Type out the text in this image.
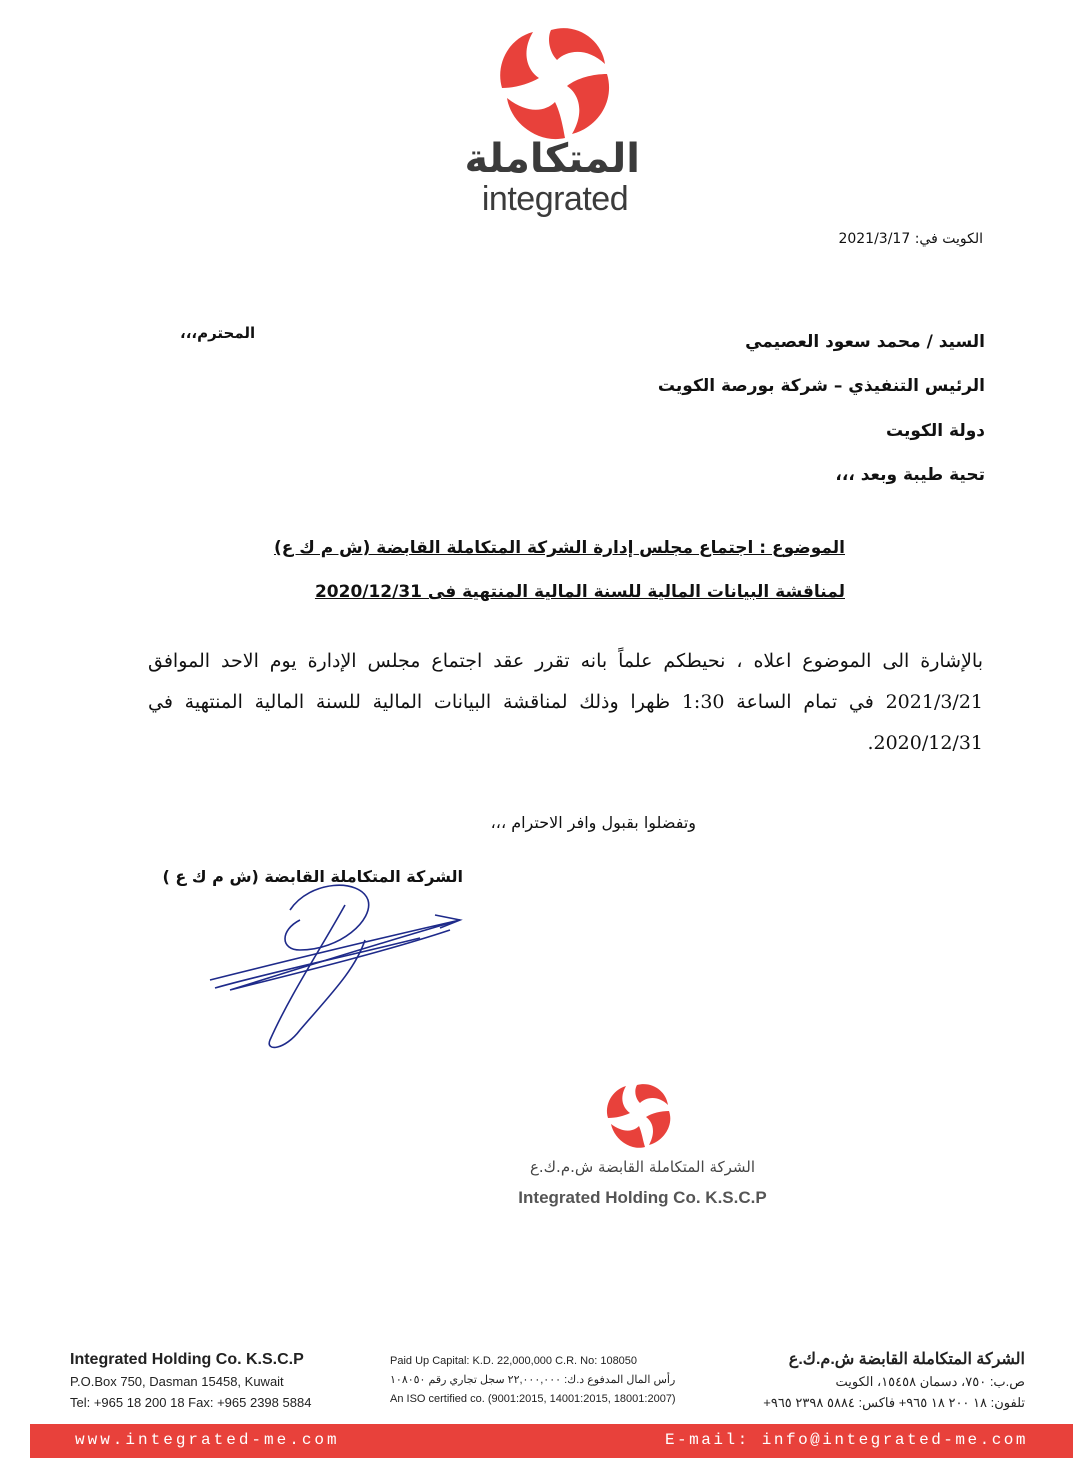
المتكاملة
integrated
الكويت في: 2021/3/17
السيد / محمد سعود العصيمي
المحترم،،،
الرئيس التنفيذي – شركة بورصة الكويت
دولة الكويت
تحية طيبة وبعد ،،،
الموضوع : اجتماع مجلس إدارة الشركة المتكاملة القابضة (ش م ك ع)
لمناقشة البيانات المالية للسنة المالية المنتهية فى 2020/12/31
بالإشارة الى الموضوع اعلاه ، نحيطكم علماً بانه تقرر عقد اجتماع مجلس الإدارة يوم الاحد الموافق 2021/3/21 في تمام الساعة 1:30 ظهرا وذلك لمناقشة البيانات المالية للسنة المالية المنتهية في 2020/12/31.
وتفضلوا بقبول وافر الاحترام ،،،
الشركة المتكاملة القابضة (ش م ك ع )
الشركة المتكاملة القابضة ش.م.ك.ع
Integrated Holding Co. K.S.C.P
Integrated Holding Co. K.S.C.P
P.O.Box 750, Dasman 15458, Kuwait
Tel: +965 18 200 18 Fax: +965 2398 5884
Paid Up Capital: K.D. 22,000,000 C.R. No: 108050
رأس المال المدفوع د.ك: ٢٢,٠٠٠,٠٠٠ سجل تجاري رقم ١٠٨٠٥٠
An ISO certified co. (9001:2015, 14001:2015, 18001:2007)
الشركة المتكاملة القابضة ش.م.ك.ع
ص.ب: ٧٥٠، دسمان ١٥٤٥٨، الكويت
تلفون: ١٨ ٢٠٠ ١٨ ٩٦٥+ فاكس: ٥٨٨٤ ٢٣٩٨ ٩٦٥+
www.integrated-me.com	E-mail: info@integrated-me.com
